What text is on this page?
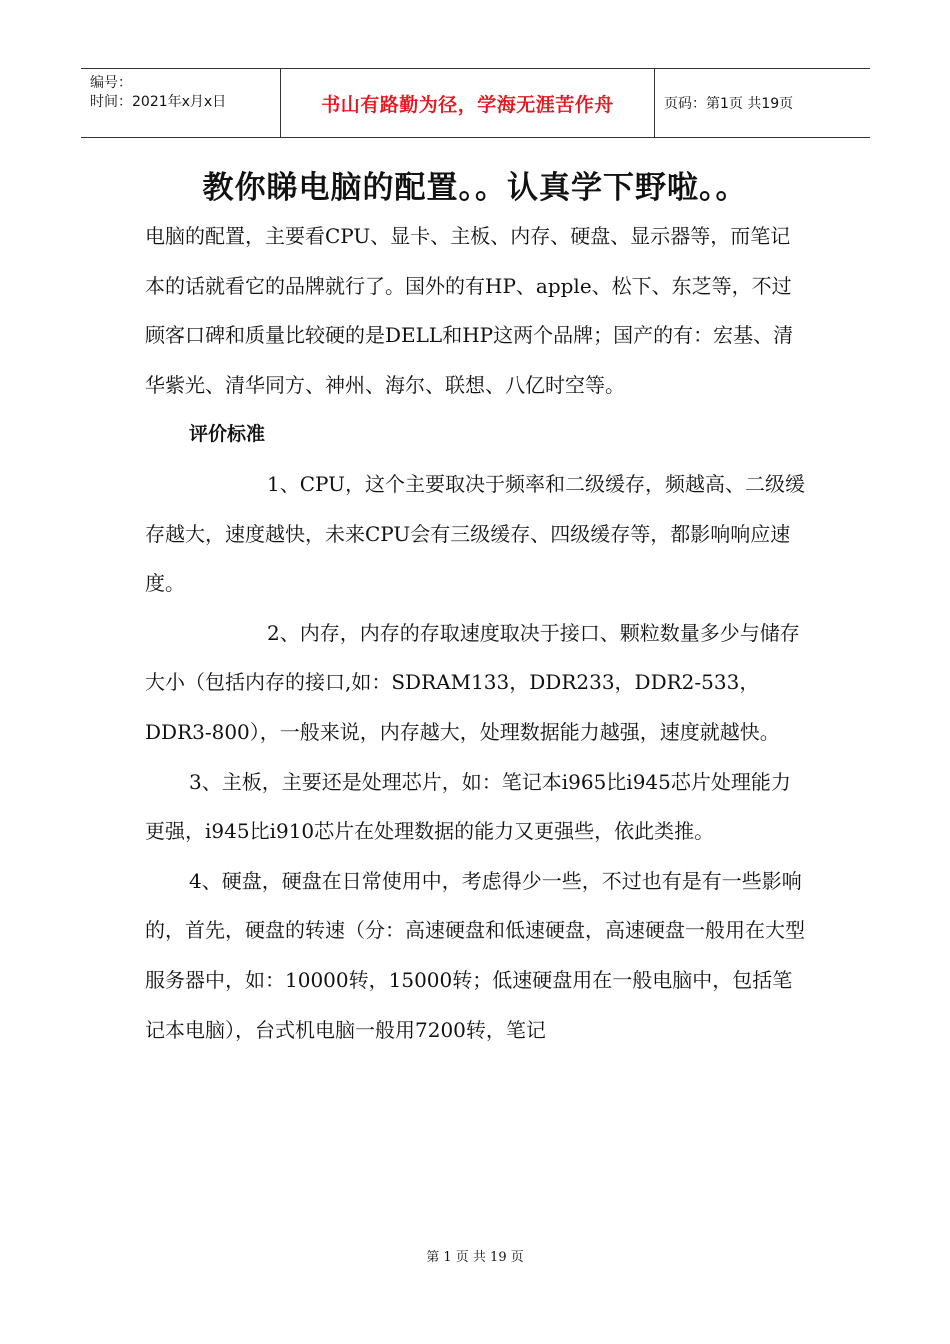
编号：
时间：2021年x月x日	书山有路勤为径，学海无涯苦作舟	页码：第1页 共19页
教你睇电脑的配置。。认真学下野啦。。

电脑的配置，主要看CPU、显卡、主板、内存、硬盘、显示器等，而笔记本的话就看它的品牌就行了。国外的有HP、apple、松下、东芝等，不过顾客口碑和质量比较硬的是DELL和HP这两个品牌；国产的有：宏基、清华紫光、清华同方、神州、海尔、联想、八亿时空等。

评价标准

1、CPU，这个主要取决于频率和二级缓存，频越高、二级缓存越大，速度越快，未来CPU会有三级缓存、四级缓存等，都影响响应速度。

2、内存，内存的存取速度取决于接口、颗粒数量多少与储存大小（包括内存的接口,如：SDRAM133，DDR233，DDR2-533，DDR3-800），一般来说，内存越大，处理数据能力越强，速度就越快。

3、主板，主要还是处理芯片，如：笔记本i965比i945芯片处理能力更强，i945比i910芯片在处理数据的能力又更强些，依此类推。

4、硬盘，硬盘在日常使用中，考虑得少一些，不过也有是有一些影响的，首先，硬盘的转速（分：高速硬盘和低速硬盘，高速硬盘一般用在大型服务器中，如：10000转，15000转；低速硬盘用在一般电脑中，包括笔记本电脑），台式机电脑一般用7200转，笔记

第 1 页 共 19 页
